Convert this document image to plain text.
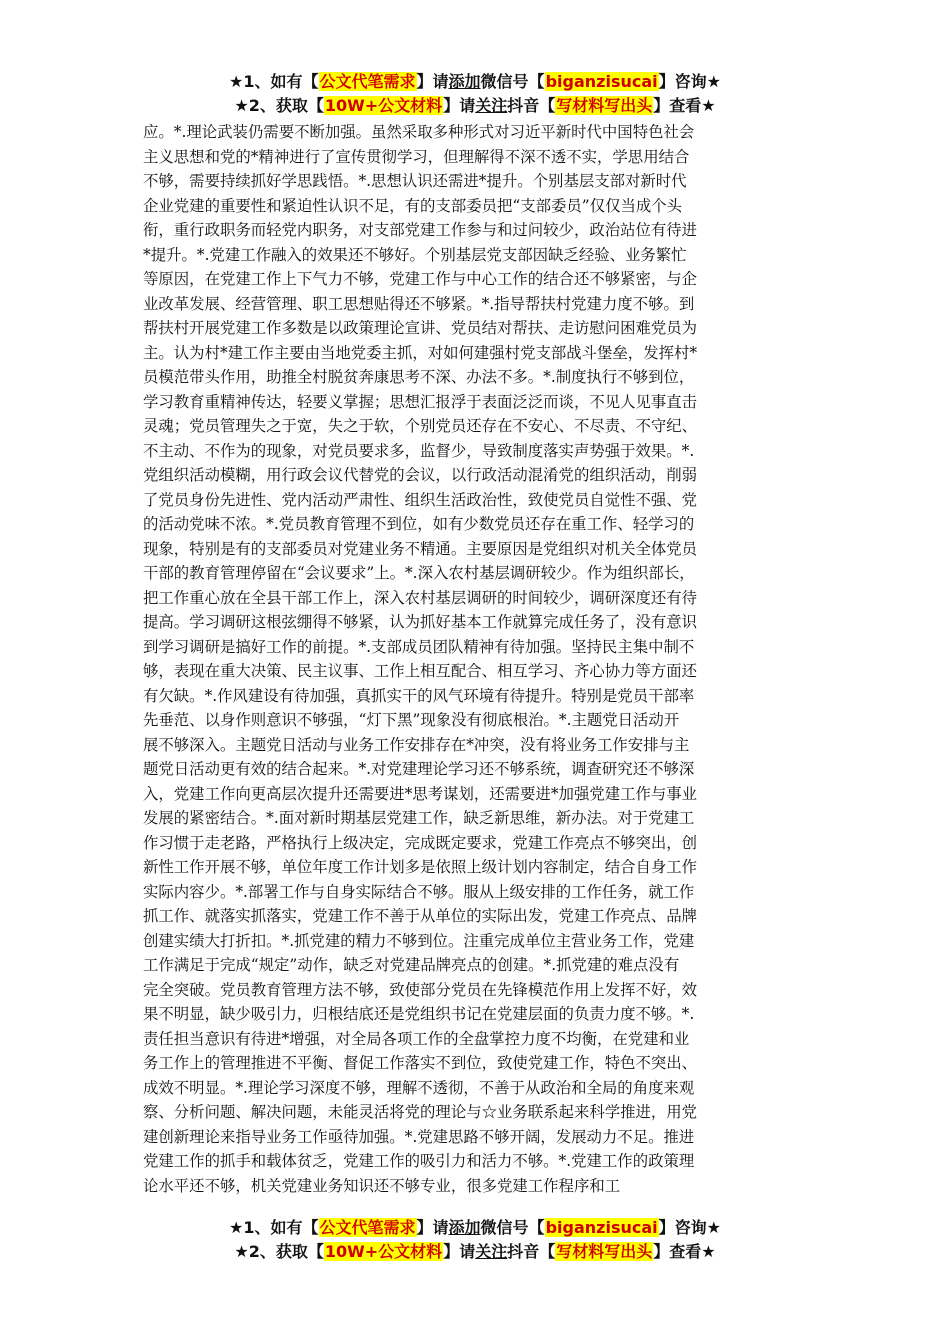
★1、如有【公文代笔需求】请添加微信号【biganzisucai】咨询★
★2、获取【10W+公文材料】请关注抖音【写材料写出头】查看★
应。*.理论武装仍需要不断加强。虽然采取多种形式对习近平新时代中国特色社会
主义思想和党的*精神进行了宣传贯彻学习，但理解得不深不透不实，学思用结合
不够，需要持续抓好学思践悟。*.思想认识还需进*提升。个别基层支部对新时代
企业党建的重要性和紧迫性认识不足，有的支部委员把“支部委员”仅仅当成个头
衔，重行政职务而轻党内职务，对支部党建工作参与和过问较少，政治站位有待进
*提升。*.党建工作融入的效果还不够好。个别基层党支部因缺乏经验、业务繁忙
等原因，在党建工作上下气力不够，党建工作与中心工作的结合还不够紧密，与企
业改革发展、经营管理、职工思想贴得还不够紧。*.指导帮扶村党建力度不够。到
帮扶村开展党建工作多数是以政策理论宣讲、党员结对帮扶、走访慰问困难党员为
主。认为村*建工作主要由当地党委主抓，对如何建强村党支部战斗堡垒，发挥村*
员模范带头作用，助推全村脱贫奔康思考不深、办法不多。*.制度执行不够到位，
学习教育重精神传达，轻要义掌握；思想汇报浮于表面泛泛而谈，不见人见事直击
灵魂；党员管理失之于宽，失之于软，个别党员还存在不安心、不尽责、不守纪、
不主动、不作为的现象，对党员要求多，监督少，导致制度落实声势强于效果。*.
党组织活动模糊，用行政会议代替党的会议，以行政活动混淆党的组织活动，削弱
了党员身份先进性、党内活动严肃性、组织生活政治性，致使党员自觉性不强、党
的活动党味不浓。*.党员教育管理不到位，如有少数党员还存在重工作、轻学习的
现象，特别是有的支部委员对党建业务不精通。主要原因是党组织对机关全体党员
干部的教育管理停留在“会议要求”上。*.深入农村基层调研较少。作为组织部长，
把工作重心放在全县干部工作上，深入农村基层调研的时间较少，调研深度还有待
提高。学习调研这根弦绷得不够紧，认为抓好基本工作就算完成任务了，没有意识
到学习调研是搞好工作的前提。*.支部成员团队精神有待加强。坚持民主集中制不
够，表现在重大决策、民主议事、工作上相互配合、相互学习、齐心协力等方面还
有欠缺。*.作风建设有待加强，真抓实干的风气环境有待提升。特别是党员干部率
先垂范、以身作则意识不够强，“灯下黑”现象没有彻底根治。*.主题党日活动开
展不够深入。主题党日活动与业务工作安排存在*冲突，没有将业务工作安排与主
题党日活动更有效的结合起来。*.对党建理论学习还不够系统，调查研究还不够深
入，党建工作向更高层次提升还需要进*思考谋划，还需要进*加强党建工作与事业
发展的紧密结合。*.面对新时期基层党建工作，缺乏新思维，新办法。对于党建工
作习惯于走老路，严格执行上级决定，完成既定要求，党建工作亮点不够突出，创
新性工作开展不够，单位年度工作计划多是依照上级计划内容制定，结合自身工作
实际内容少。*.部署工作与自身实际结合不够。服从上级安排的工作任务，就工作
抓工作、就落实抓落实，党建工作不善于从单位的实际出发，党建工作亮点、品牌
创建实绩大打折扣。*.抓党建的精力不够到位。注重完成单位主营业务工作，党建
工作满足于完成“规定”动作，缺乏对党建品牌亮点的创建。*.抓党建的难点没有
完全突破。党员教育管理方法不够，致使部分党员在先锋模范作用上发挥不好，效
果不明显，缺少吸引力，归根结底还是党组织书记在党建层面的负责力度不够。*.
责任担当意识有待进*增强，对全局各项工作的全盘掌控力度不均衡，在党建和业
务工作上的管理推进不平衡、督促工作落实不到位，致使党建工作，特色不突出、
成效不明显。*.理论学习深度不够，理解不透彻，不善于从政治和全局的角度来观
察、分析问题、解决问题，未能灵活将党的理论与☆业务联系起来科学推进，用党
建创新理论来指导业务工作亟待加强。*.党建思路不够开阔，发展动力不足。推进
党建工作的抓手和载体贫乏，党建工作的吸引力和活力不够。*.党建工作的政策理
论水平还不够，机关党建业务知识还不够专业，很多党建工作程序和工
★1、如有【公文代笔需求】请添加微信号【biganzisucai】咨询★
★2、获取【10W+公文材料】请关注抖音【写材料写出头】查看★
